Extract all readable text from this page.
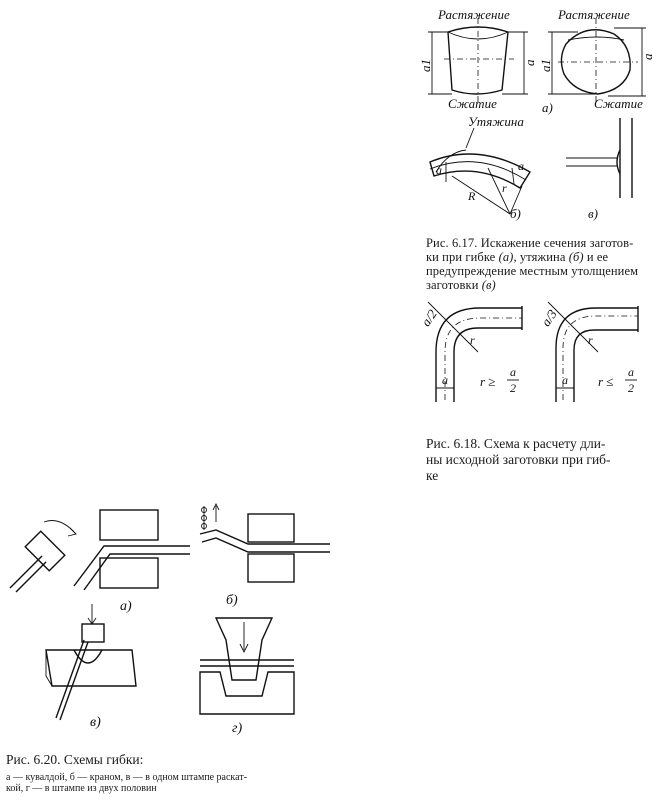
a1	a
Растяжение
Сжатие
a1
a
Растяжение
Сжатие
а)
Утяжина
a	a
R
r
б)	в)
Рис. 6.17. Искажение сечения заготов-
ки при гибке (а), утяжина (б) и ее
предупреждение местным утолщением
заготовки (в)
a/2
r
a r ≥
a
2
a/3
r
a r ≤
a
2
Рис. 6.18. Схема к расчету дли-
ны исходной заготовки при гиб-
ке
а)	б)
в)	г)
Рис. 6.20. Схемы гибки:
а — кувалдой, б — краном, в — в одном штампе раскат-
кой, г — в штампе из двух половин
